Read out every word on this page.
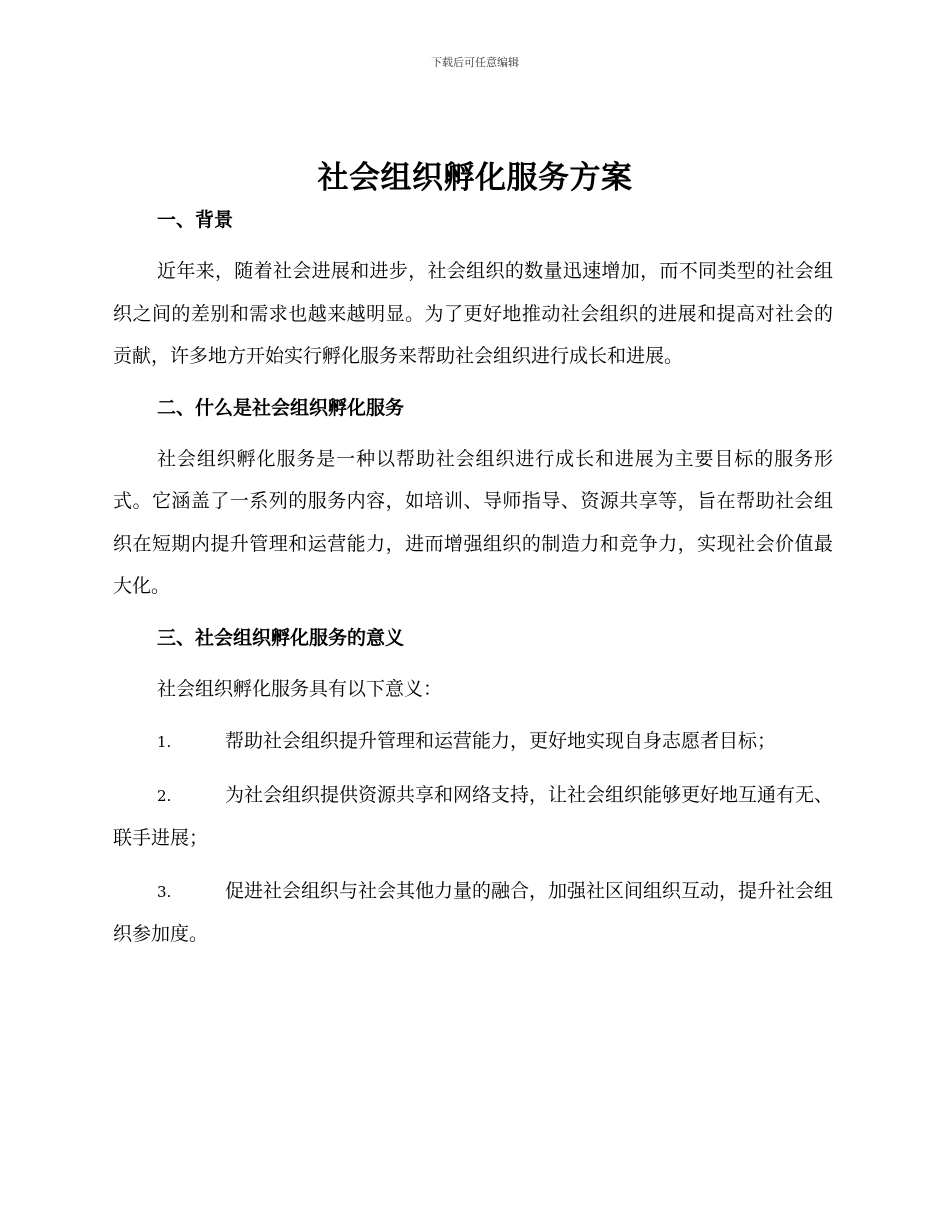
下载后可任意编辑
社会组织孵化服务方案
一、背景

近年来，随着社会进展和进步，社会组织的数量迅速增加，而不同类型的社会组织之间的差别和需求也越来越明显。为了更好地推动社会组织的进展和提高对社会的贡献，许多地方开始实行孵化服务来帮助社会组织进行成长和进展。

二、什么是社会组织孵化服务

社会组织孵化服务是一种以帮助社会组织进行成长和进展为主要目标的服务形式。它涵盖了一系列的服务内容，如培训、导师指导、资源共享等，旨在帮助社会组织在短期内提升管理和运营能力，进而增强组织的制造力和竞争力，实现社会价值最大化。

三、社会组织孵化服务的意义

社会组织孵化服务具有以下意义：

1.	帮助社会组织提升管理和运营能力，更好地实现自身志愿者目标；

2.	为社会组织提供资源共享和网络支持，让社会组织能够更好地互通有无、联手进展；

3.	促进社会组织与社会其他力量的融合，加强社区间组织互动，提升社会组织参加度。
